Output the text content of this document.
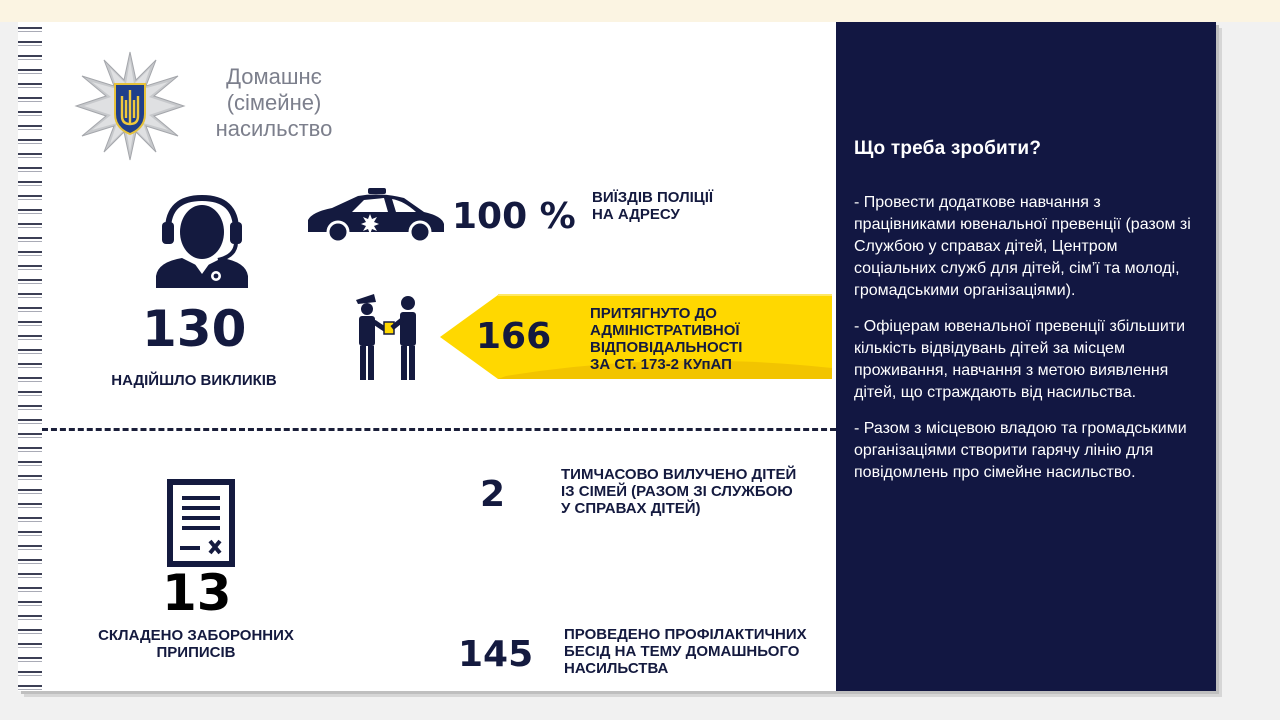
Домашнє
(сімейне)
насильство
130
НАДІЙШЛО ВИКЛИКІВ
100 % ВИЇЗДІВ ПОЛІЦІЇ
НА АДРЕСУ
166
ПРИТЯГНУТО ДО
АДМІНІСТРАТИВНОЇ
ВІДПОВІДАЛЬНОСТІ
ЗА СТ. 173-2 КУпАП
2	ТИМЧАСОВО ВИЛУЧЕНО ДІТЕЙ
ІЗ СІМЕЙ (РАЗОМ ЗІ СЛУЖБОЮ
У СПРАВАХ ДІТЕЙ)
13
СКЛАДЕНО ЗАБОРОННИХ
ПРИПИСІВ	145 ПРОВЕДЕНО ПРОФІЛАКТИЧНИХ
БЕСІД НА ТЕМУ ДОМАШНЬОГО
НАСИЛЬСТВА
Що треба зробити?

- Провести додаткове навчання з працівниками ювенальної превенції (разом зі Службою у справах дітей, Центром соціальних служб для дітей, сім’ї та молоді, громадськими організаціями).

- Офіцерам ювенальної превенції збільшити кількість відвідувань дітей за місцем проживання, навчання з метою виявлення дітей, що страждають від насильства.

- Разом з місцевою владою та громадськими організаціями створити гарячу лінію для повідомлень про сімейне насильство.
